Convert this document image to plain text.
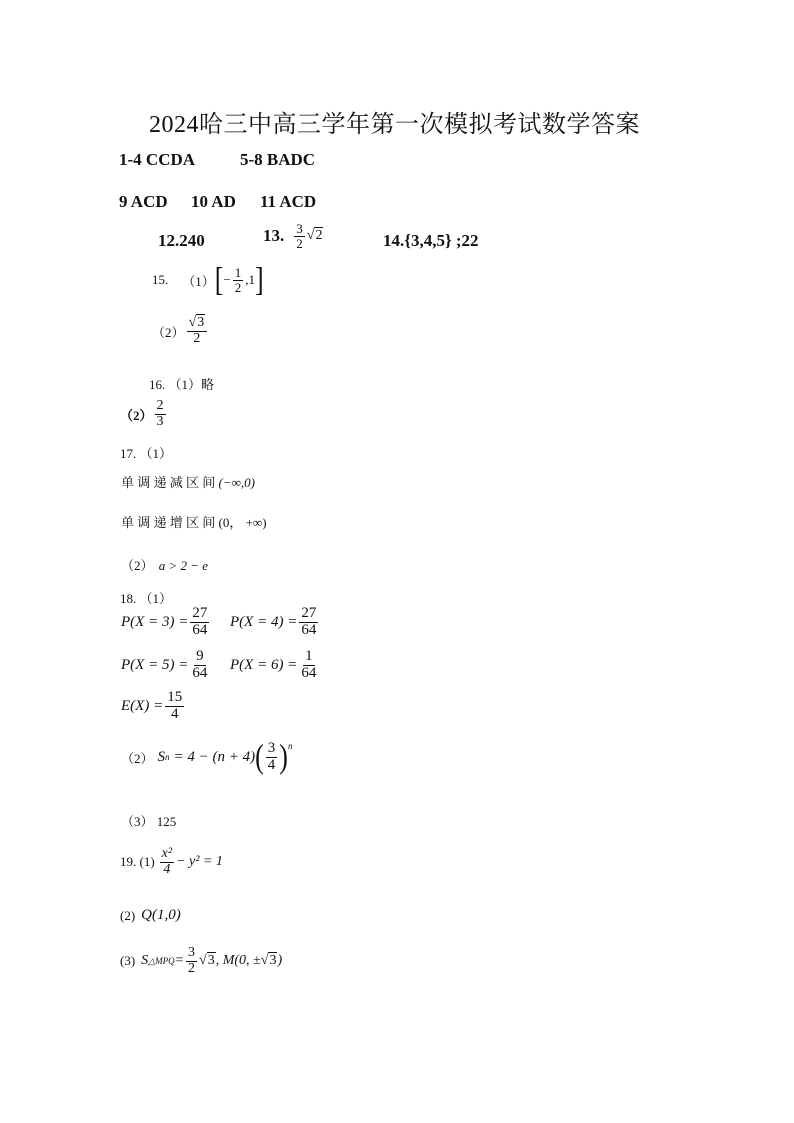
2024哈三中高三学年第一次模拟考试数学答案
1-4 CCDA	5-8 BADC
9 ACD 10 AD 11 ACD
12.240	13. $\frac{3}{2} √2$	14.{3,4,5} ;22
15. （1） [ − $\frac{1}{2} ,1$ ]
$(2) \frac{√3}{2}$
16. （1）略
$(2) \frac{2}{3}$
17. （1）
单 调 递 减 区 间 (−∞,0)
单 调 递 增 区 间 (0， +∞)
（2） a > 2 − e
18. （1）
$P(X = 3) = \frac{27}{64} P(X = 4) = \frac{27}{64}$
$P(X = 5) = \frac{9}{64} P(X = 6) = \frac{1}{64}$
$E(X) = \frac{15}{4}$
（2） S n = 4 − (n + 4) ( $\frac{3}{4} )^n$
（3） 125
19. $(1) \frac{\text{x²}}{4} - y^2 = 1$
(2) Q(1,0)
(3) S △MPQ = $\frac{3}{2} √3$ , M(0, ± √3 )
